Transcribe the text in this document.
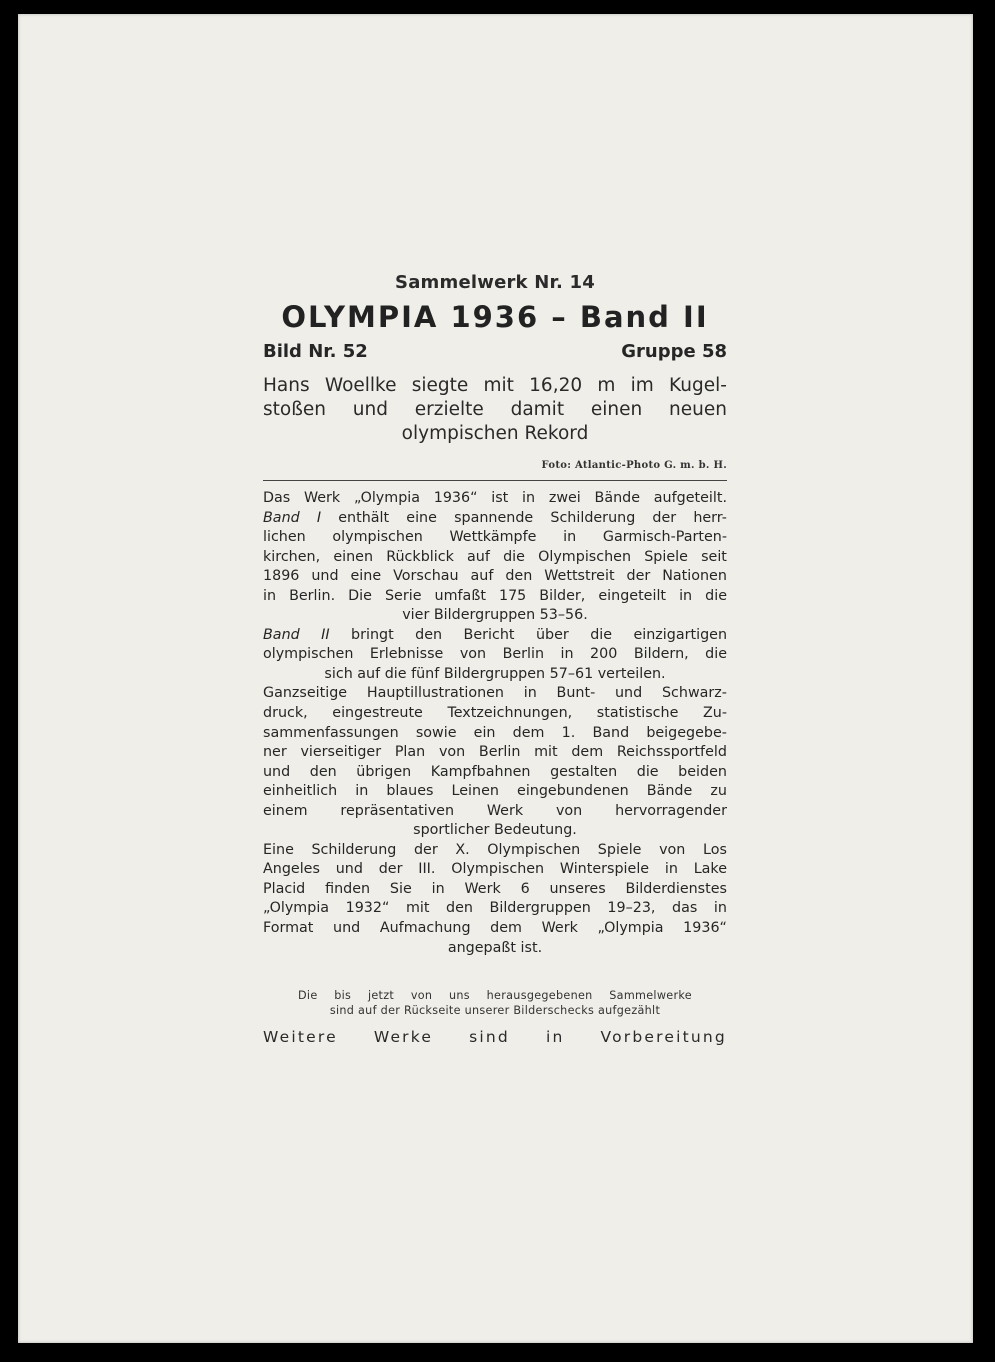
Sammelwerk Nr. 14
OLYMPIA 1936 – Band II
Bild Nr. 52	Gruppe 58
Hans Woellke siegte mit 16,20 m im Kugel-
stoßen und erzielte damit einen neuen
olympischen Rekord
Foto: Atlantic-Photo G. m. b. H.
Das Werk „Olympia 1936“ ist in zwei Bände aufgeteilt.
Band I enthält eine spannende Schilderung der herr-
lichen olympischen Wettkämpfe in Garmisch-Parten-
kirchen, einen Rückblick auf die Olympischen Spiele seit
1896 und eine Vorschau auf den Wettstreit der Nationen
in Berlin. Die Serie umfaßt 175 Bilder, eingeteilt in die
vier Bildergruppen 53–56.
Band II bringt den Bericht über die einzigartigen
olympischen Erlebnisse von Berlin in 200 Bildern, die
sich auf die fünf Bildergruppen 57–61 verteilen.
Ganzseitige Hauptillustrationen in Bunt- und Schwarz-
druck, eingestreute Textzeichnungen, statistische Zu-
sammenfassungen sowie ein dem 1. Band beigegebe-
ner vierseitiger Plan von Berlin mit dem Reichssportfeld
und den übrigen Kampfbahnen gestalten die beiden
einheitlich in blaues Leinen eingebundenen Bände zu
einem repräsentativen Werk von hervorragender
sportlicher Bedeutung.
Eine Schilderung der X. Olympischen Spiele von Los
Angeles und der III. Olympischen Winterspiele in Lake
Placid finden Sie in Werk 6 unseres Bilderdienstes
„Olympia 1932“ mit den Bildergruppen 19–23, das in
Format und Aufmachung dem Werk „Olympia 1936“
angepaßt ist.
Die bis jetzt von uns herausgegebenen Sammelwerke
sind auf der Rückseite unserer Bilderschecks aufgezählt
Weitere Werke sind in Vorbereitung
